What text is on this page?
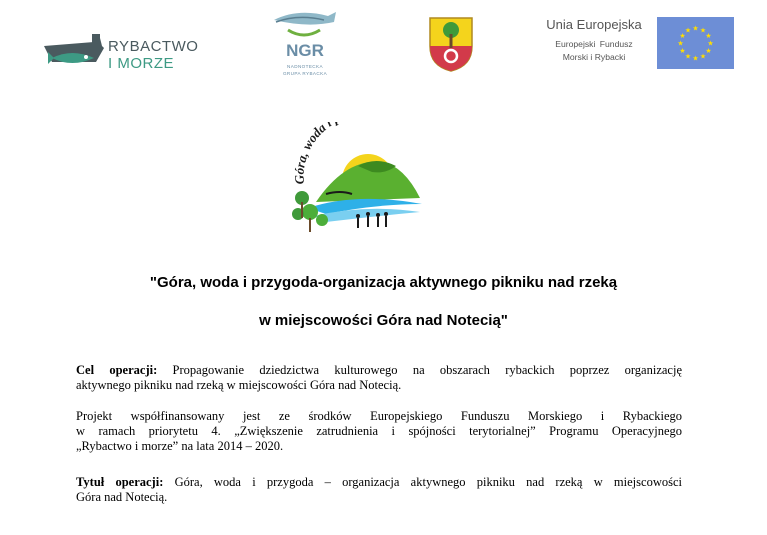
RYBACTWO
I MORZE
NGR
NADNOTECKA
GRUPA RYBACKA
Unia Europejska
Europejski Fundusz
Morski i Rybacki
★ ★
★
★
★
★
★
★
★
★
★
★
Góra, woda i
"Góra, woda i przygoda-organizacja aktywnego pikniku nad rzeką
w miejscowości Góra nad Notecią"
Cel operacji: Propagowanie dziedzictwa kulturowego na obszarach rybackich poprzez organizację
aktywnego pikniku nad rzeką w miejscowości Góra nad Notecią.
Projekt współfinansowany jest ze środków Europejskiego Funduszu Morskiego i Rybackiego
w ramach priorytetu 4. „Zwiększenie zatrudnienia i spójności terytorialnej” Programu Operacyjnego
„Rybactwo i morze” na lata 2014 – 2020.
Tytuł operacji: Góra, woda i przygoda – organizacja aktywnego pikniku nad rzeką w miejscowości
Góra nad Notecią.
